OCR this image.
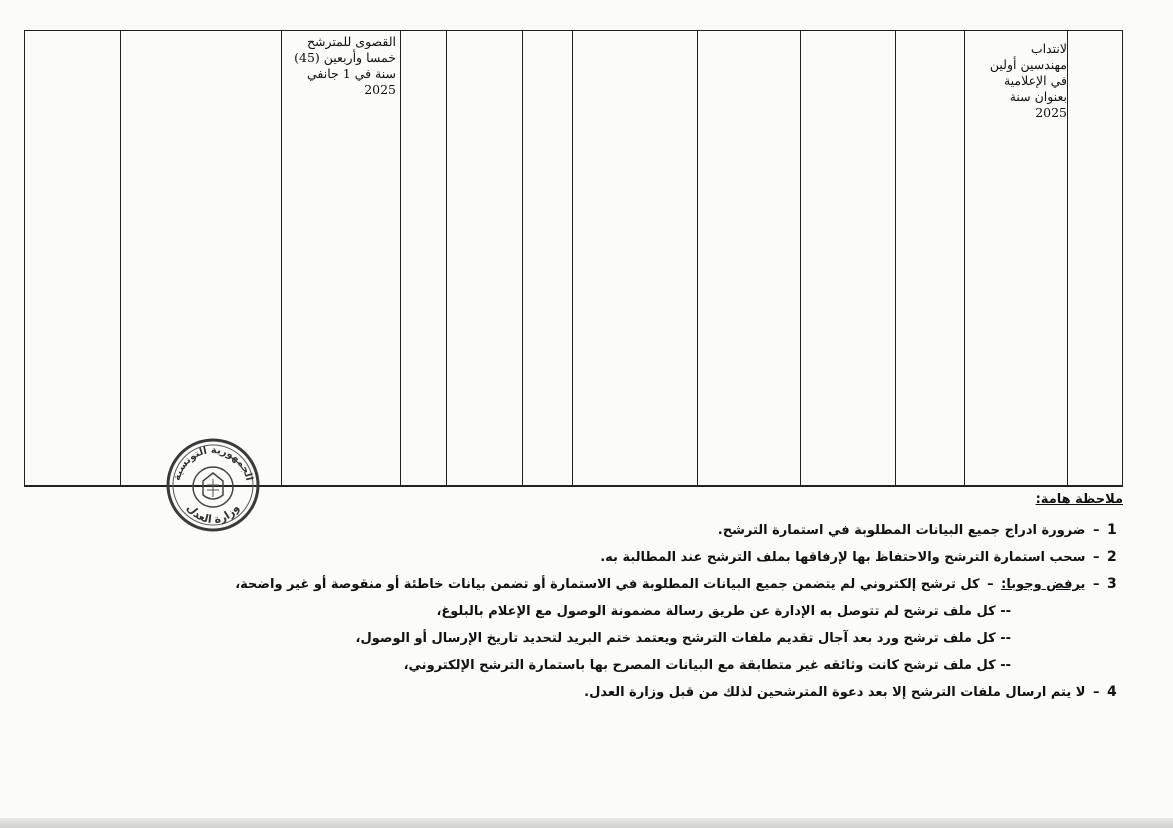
القصوى للمترشح
خمسا وأربعين (45)
سنة في 1 جانفي
2025
لانتداب
مهندسين أولين
في الإعلامية
بعنوان سنة
2025
الجمهورية التونسية
وزارة العدل
ملاحظة هامة:
1 – ضرورة ادراج جميع البيانات المطلوبة في استمارة الترشح.
2 – سحب استمارة الترشح والاحتفاظ بها لإرفاقها بملف الترشح عند المطالبة به.
3 – يرفض وجوبا: – كل ترشح إلكتروني لم يتضمن جميع البيانات المطلوبة في الاستمارة أو تضمن بيانات خاطئة أو منقوصة أو غير واضحة،
-- كل ملف ترشح لم تتوصل به الإدارة عن طريق رسالة مضمونة الوصول مع الإعلام بالبلوغ،
-- كل ملف ترشح ورد بعد آجال تقديم ملفات الترشح ويعتمد ختم البريد لتحديد تاريخ الإرسال أو الوصول،
-- كل ملف ترشح كانت وثائقه غير متطابقة مع البيانات المصرح بها باستمارة الترشح الإلكتروني،
4 – لا يتم ارسال ملفات الترشح إلا بعد دعوة المترشحين لذلك من قبل وزارة العدل.
